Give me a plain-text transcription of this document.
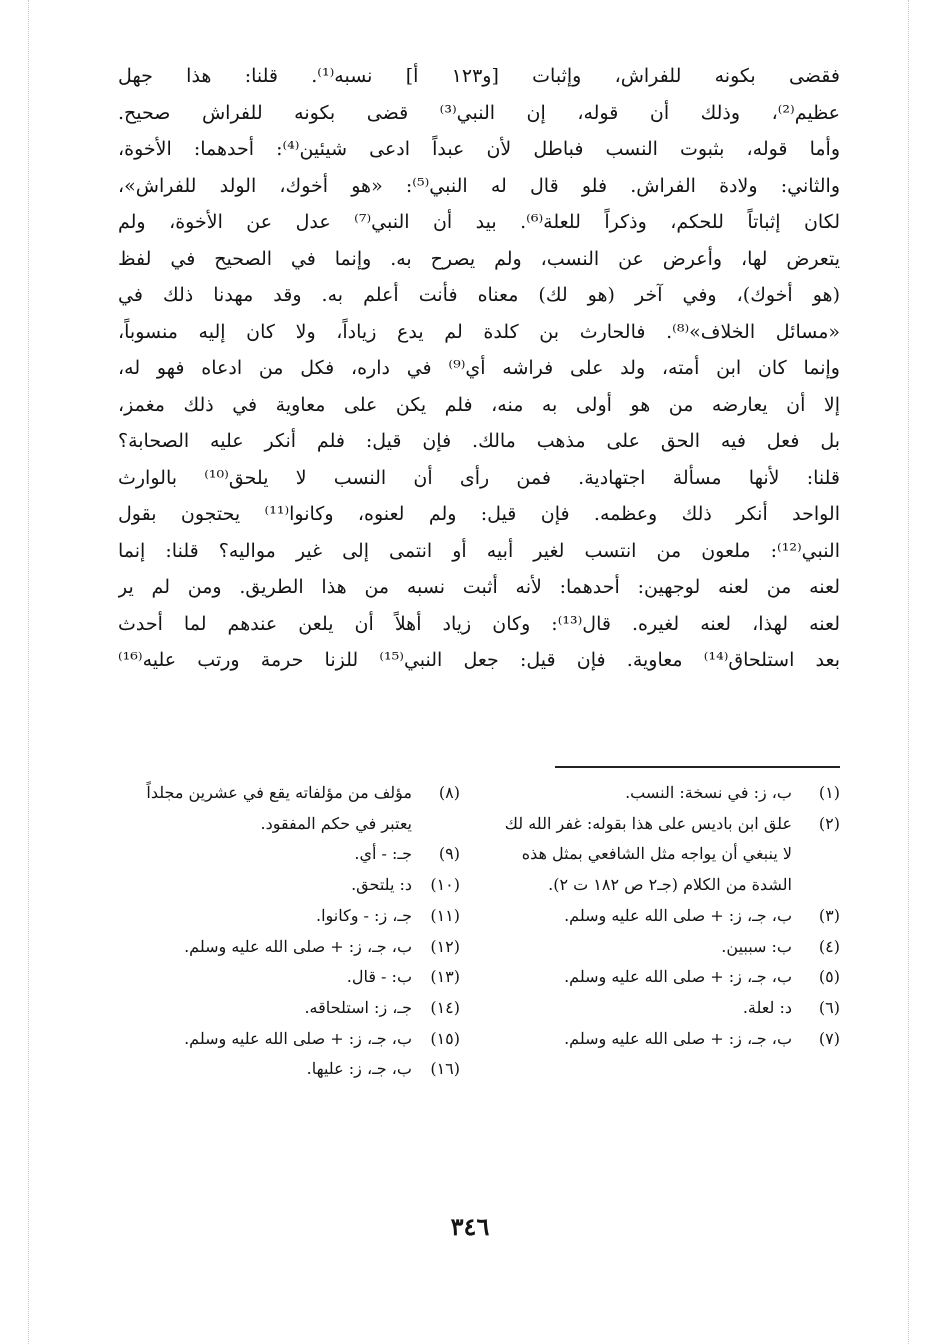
فقضى بكونه للفراش، وإثبات [و١٢٣ أ] نسبه⁽¹⁾. قلنا: هذا جهل
عظيم⁽²⁾، وذلك أن قوله، إن النبي⁽³⁾ قضى بكونه للفراش صحيح.
وأما قوله، بثبوت النسب فباطل لأن عبداً ادعى شيئين⁽⁴⁾: أحدهما: الأخوة،
والثاني: ولادة الفراش. فلو قال له النبي⁽⁵⁾: «هو أخوك، الولد للفراش»،
لكان إثباتاً للحكم، وذكراً للعلة⁽⁶⁾. بيد أن النبي⁽⁷⁾ عدل عن الأخوة، ولم
يتعرض لها، وأعرض عن النسب، ولم يصرح به. وإنما في الصحيح في لفظ
(هو أخوك)، وفي آخر (هو لك) معناه فأنت أعلم به. وقد مهدنا ذلك في
«مسائل الخلاف»⁽⁸⁾. فالحارث بن كلدة لم يدع زياداً، ولا كان إليه منسوباً،
وإنما كان ابن أمته، ولد على فراشه أي⁽⁹⁾ في داره، فكل من ادعاه فهو له،
إلا أن يعارضه من هو أولى به منه، فلم يكن على معاوية في ذلك مغمز،
بل فعل فيه الحق على مذهب مالك. فإن قيل: فلم أنكر عليه الصحابة؟
قلنا: لأنها مسألة اجتهادية. فمن رأى أن النسب لا يلحق⁽¹⁰⁾ بالوارث
الواحد أنكر ذلك وعظمه. فإن قيل: ولم لعنوه، وكانوا⁽¹¹⁾ يحتجون بقول
النبي⁽¹²⁾: ملعون من انتسب لغير أبيه أو انتمى إلى غير مواليه؟ قلنا: إنما
لعنه من لعنه لوجهين: أحدهما: لأنه أثبت نسبه من هذا الطريق. ومن لم ير
لعنه لهذا، لعنه لغيره. قال⁽¹³⁾: وكان زياد أهلاً أن يلعن عندهم لما أحدث
بعد استلحاق⁽¹⁴⁾ معاوية. فإن قيل: جعل النبي⁽¹⁵⁾ للزنا حرمة ورتب عليه⁽¹⁶⁾
(١)
ب، ز: في نسخة: النسب.
(٢)
علق ابن باديس على هذا بقوله: غفر الله لك لا ينبغي أن يواجه مثل الشافعي بمثل هذه الشدة من الكلام (جـ٢ ص ١٨٢ ت ٢).
(٣)
ب، جـ، ز: + صلى الله عليه وسلم.
(٤)
ب: سببين.
(٥)
ب، جـ، ز: + صلى الله عليه وسلم.
(٦)
د: لعلة.
(٧)
ب، جـ، ز: + صلى الله عليه وسلم.
(٨)
مؤلف من مؤلفاته يقع في عشرين مجلداً يعتبر في حكم المفقود.
(٩)
جـ: - أي.
(١٠)
د: يلتحق.
(١١)
جـ، ز: - وكانوا.
(١٢)
ب، جـ، ز: + صلى الله عليه وسلم.
(١٣)
ب: - قال.
(١٤)
جـ، ز: استلحاقه.
(١٥)
ب، جـ، ز: + صلى الله عليه وسلم.
(١٦)
ب، جـ، ز: عليها.
٣٤٦
